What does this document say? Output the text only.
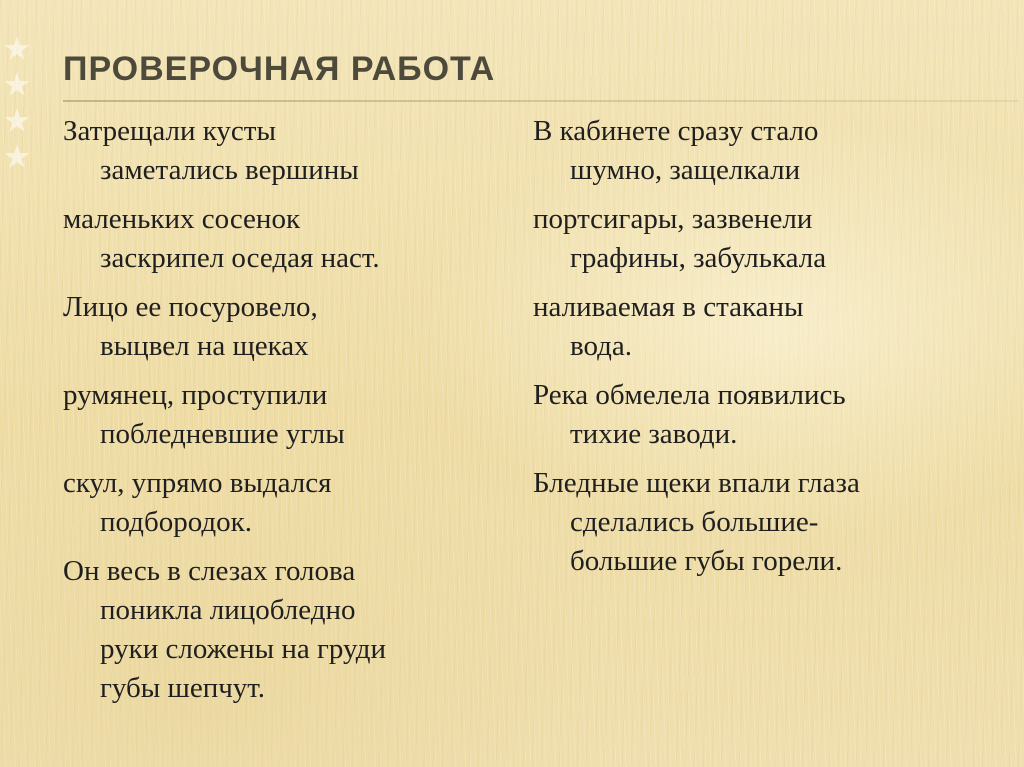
ПРОВЕРОЧНАЯ РАБОТА

Затрещали кусты
заметались вершины

маленьких сосенок
заскрипел оседая наст.

Лицо ее посуровело,
выцвел на щеках

румянец, проступили
побледневшие углы

скул, упрямо выдался
подбородок.

Он весь в слезах голова
поникла лицобледно
руки сложены на груди
губы шепчут.

В кабинете сразу стало
шумно, защелкали

портсигары, зазвенели
графины, забулькала

наливаемая в стаканы
вода.

Река обмелела появились
тихие заводи.

Бледные щеки впали глаза
сделались большие-
большие губы горели.
